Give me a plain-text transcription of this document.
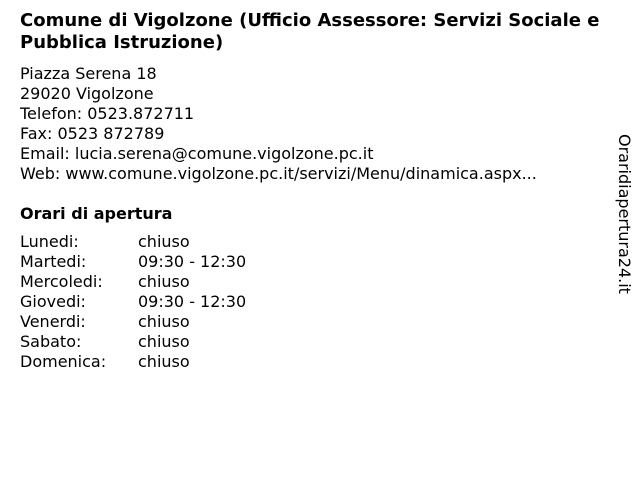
Comune di Vigolzone (Ufficio Assessore: Servizi Sociale e Pubblica Istruzione)
Piazza Serena 18
29020 Vigolzone
Telefon: 0523.872711
Fax: 0523 872789
Email: lucia.serena@comune.vigolzone.pc.it
Web: www.comune.vigolzone.pc.it/servizi/Menu/dinamica.aspx...
Orari di apertura
Lunedi:	chiuso
Martedi:	09:30 - 12:30
Mercoledi:	chiuso
Giovedi:	09:30 - 12:30
Venerdi:	chiuso
Sabato:	chiuso
Domenica:	chiuso
Oraridiapertura24.it
